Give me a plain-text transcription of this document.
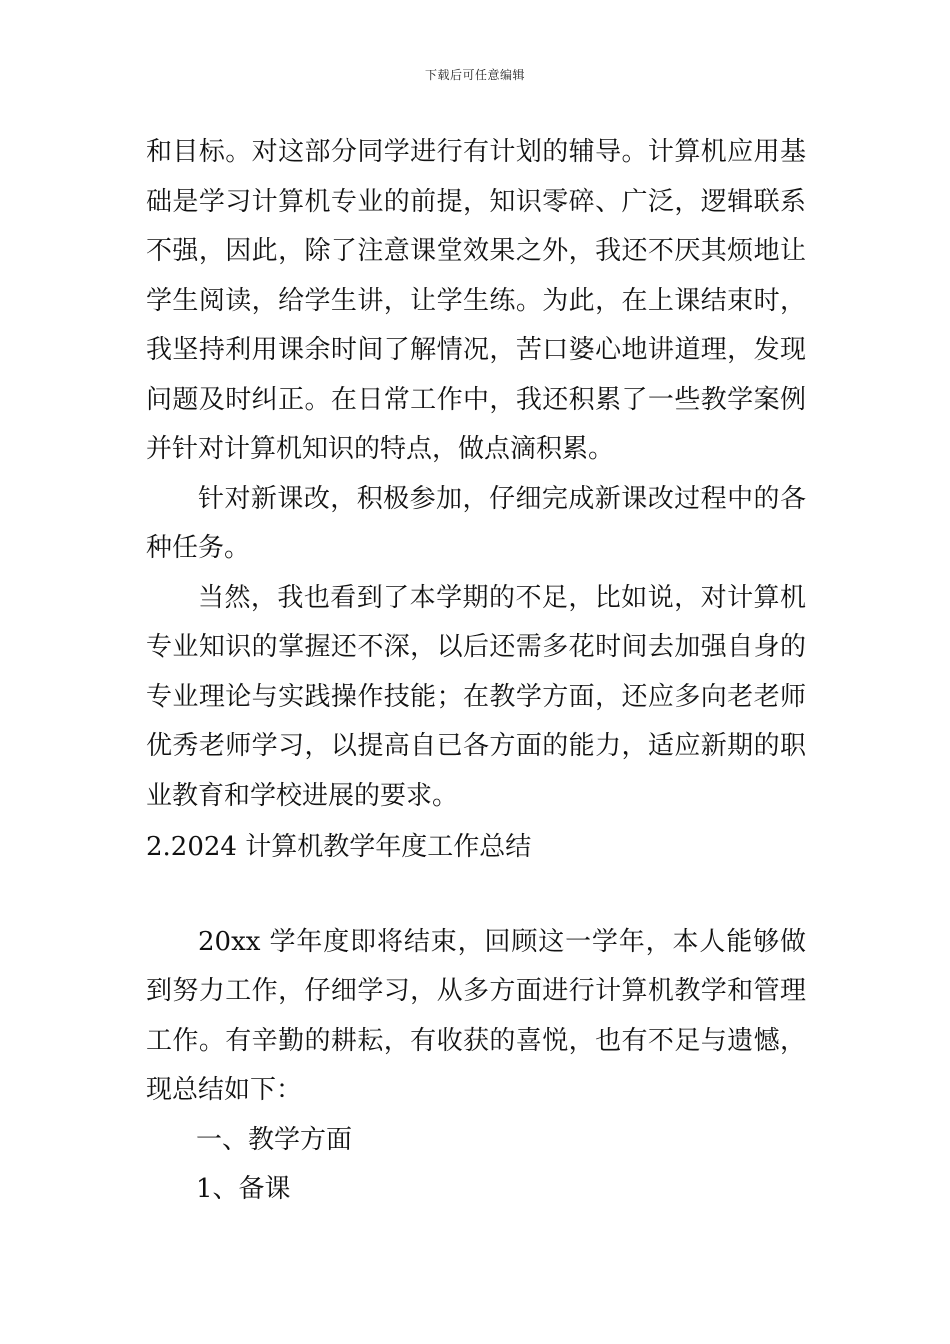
下载后可任意编辑

和目标。对这部分同学进行有计划的辅导。计算机应用基础是学习计算机专业的前提，知识零碎、广泛，逻辑联系不强，因此，除了注意课堂效果之外，我还不厌其烦地让学生阅读，给学生讲，让学生练。为此，在上课结束时，我坚持利用课余时间了解情况，苦口婆心地讲道理，发现问题及时纠正。在日常工作中，我还积累了一些教学案例并针对计算机知识的特点，做点滴积累。

针对新课改，积极参加，仔细完成新课改过程中的各种任务。

当然，我也看到了本学期的不足，比如说，对计算机专业知识的掌握还不深，以后还需多花时间去加强自身的专业理论与实践操作技能；在教学方面，还应多向老老师优秀老师学习，以提高自已各方面的能力，适应新期的职业教育和学校进展的要求。

2.2024 计算机教学年度工作总结

20xx 学年度即将结束，回顾这一学年，本人能够做到努力工作，仔细学习，从多方面进行计算机教学和管理工作。有辛勤的耕耘，有收获的喜悦，也有不足与遗憾，现总结如下：

一、教学方面

1、备课
